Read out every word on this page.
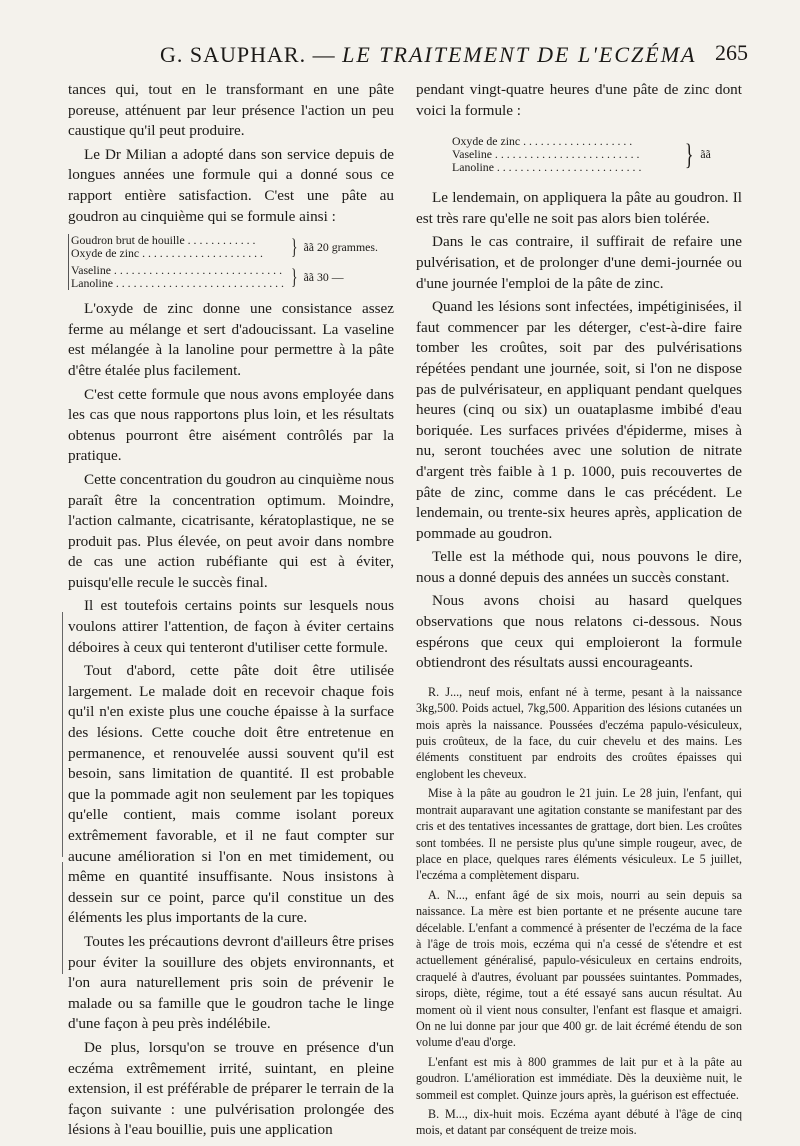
G. SAUPHAR. — LE TRAITEMENT DE L'ECZÉMA 265

tances qui, tout en le transformant en une pâte poreuse, atténuent par leur présence l'action un peu caustique qu'il peut produire.

Le Dr Milian a adopté dans son service depuis de longues années une formule qui a donné sous ce rapport entière satisfaction. C'est une pâte au goudron au cinquième qui se formule ainsi :

Goudron brut de houille . . . . . . . . . . . .
Oxyde de zinc . . . . . . . . . . . . . . . . . . . . .	} ãã 20 grammes.
Vaseline . . . . . . . . . . . . . . . . . . . . . . . . . . . . .
Lanoline . . . . . . . . . . . . . . . . . . . . . . . . . . . . . } ãã 30 —

L'oxyde de zinc donne une consistance assez ferme au mélange et sert d'adoucissant. La vaseline est mélangée à la lanoline pour permettre à la pâte d'être étalée plus facilement.

C'est cette formule que nous avons employée dans les cas que nous rapportons plus loin, et les résultats obtenus pourront être aisément contrôlés par la pratique.

Cette concentration du goudron au cinquième nous paraît être la concentration optimum. Moindre, l'action calmante, cicatrisante, kératoplastique, ne se produit pas. Plus élevée, on peut avoir dans nombre de cas une action rubéfiante qui est à éviter, puisqu'elle recule le succès final.

Il est toutefois certains points sur lesquels nous voulons attirer l'attention, de façon à éviter certains déboires à ceux qui tenteront d'utiliser cette formule.

Tout d'abord, cette pâte doit être utilisée largement. Le malade doit en recevoir chaque fois qu'il n'en existe plus une couche épaisse à la surface des lésions. Cette couche doit être entretenue en permanence, et renouvelée aussi souvent qu'il est besoin, sans limitation de quantité. Il est probable que la pommade agit non seulement par les topiques qu'elle contient, mais comme isolant poreux extrêmement favorable, et il ne faut compter sur aucune amélioration si l'on en met timidement, ou même en quantité insuffisante. Nous insistons à dessein sur ce point, parce qu'il constitue un des éléments les plus importants de la cure.

Toutes les précautions devront d'ailleurs être prises pour éviter la souillure des objets environnants, et l'on aura naturellement pris soin de prévenir le malade ou sa famille que le goudron tache le linge d'une façon à peu près indélébile.

De plus, lorsqu'on se trouve en présence d'un eczéma extrêmement irrité, suintant, en pleine extension, il est préférable de préparer le terrain de la façon suivante : une pulvérisation prolongée des lésions à l'eau bouillie, puis une application

pendant vingt-quatre heures d'une pâte de zinc dont voici la formule :

Oxyde de zinc . . . . . . . . . . . . . . . . . . .
Vaseline . . . . . . . . . . . . . . . . . . . . . . . . .
Lanoline . . . . . . . . . . . . . . . . . . . . . . . . .	} ãã

Le lendemain, on appliquera la pâte au goudron. Il est très rare qu'elle ne soit pas alors bien tolérée.

Dans le cas contraire, il suffirait de refaire une pulvérisation, et de prolonger d'une demi-journée ou d'une journée l'emploi de la pâte de zinc.

Quand les lésions sont infectées, impétiginisées, il faut commencer par les déterger, c'est-à-dire faire tomber les croûtes, soit par des pulvérisations répétées pendant une journée, soit, si l'on ne dispose pas de pulvérisateur, en appliquant pendant quelques heures (cinq ou six) un ouataplasme imbibé d'eau boriquée. Les surfaces privées d'épiderme, mises à nu, seront touchées avec une solution de nitrate d'argent très faible à 1 p. 1000, puis recouvertes de pâte de zinc, comme dans le cas précédent. Le lendemain, ou trente-six heures après, application de pommade au goudron.

Telle est la méthode qui, nous pouvons le dire, nous a donné depuis des années un succès constant.

Nous avons choisi au hasard quelques observations que nous relatons ci-dessous. Nous espérons que ceux qui emploieront la formule obtiendront des résultats aussi encourageants.

R. J..., neuf mois, enfant né à terme, pesant à la naissance 3kg,500. Poids actuel, 7kg,500. Apparition des lésions cutanées un mois après la naissance. Poussées d'eczéma papulo-vésiculeux, puis croûteux, de la face, du cuir chevelu et des mains. Les éléments constituent par endroits des croûtes épaisses qui englobent les cheveux.

Mise à la pâte au goudron le 21 juin. Le 28 juin, l'enfant, qui montrait auparavant une agitation constante se manifestant par des cris et des tentatives incessantes de grattage, dort bien. Les croûtes sont tombées. Il ne persiste plus qu'une simple rougeur, avec, de place en place, quelques rares éléments vésiculeux. Le 5 juillet, l'eczéma a complètement disparu.

A. N..., enfant âgé de six mois, nourri au sein depuis sa naissance. La mère est bien portante et ne présente aucune tare décelable. L'enfant a commencé à présenter de l'eczéma de la face à l'âge de trois mois, eczéma qui n'a cessé de s'étendre et est actuellement généralisé, papulo-vésiculeux en certains endroits, craquelé à d'autres, évoluant par poussées suintantes. Pommades, sirops, diète, régime, tout a été essayé sans aucun résultat. Au moment où il vient nous consulter, l'enfant est flasque et amaigri. On ne lui donne par jour que 400 gr. de lait écrémé étendu de son volume d'eau d'orge.

L'enfant est mis à 800 grammes de lait pur et à la pâte au goudron. L'amélioration est immédiate. Dès la deuxième nuit, le sommeil est complet. Quinze jours après, la guérison est effectuée.

B. M..., dix-huit mois. Eczéma ayant débuté à l'âge de cinq mois, et datant par conséquent de treize mois.
